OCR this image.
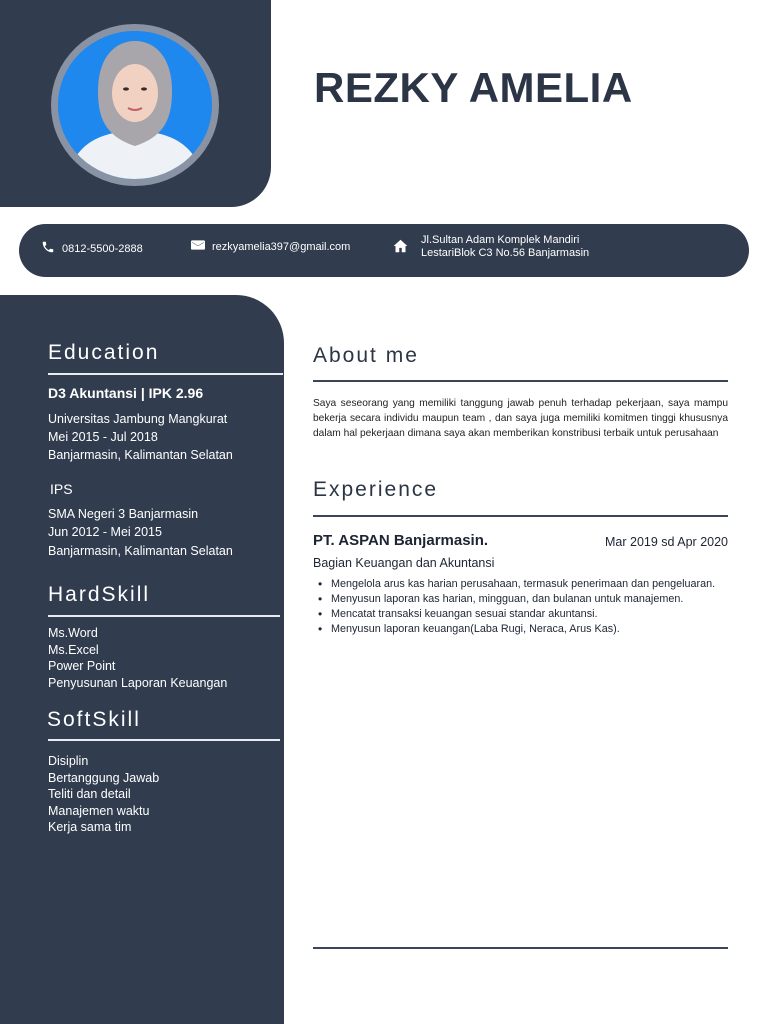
REZKY AMELIA
0812-5500-2888	rezkyamelia397@gmail.com
Jl.Sultan Adam Komplek Mandiri
LestariBlok C3 No.56 Banjarmasin
Education
D3 Akuntansi | IPK 2.96
Universitas Jambung Mangkurat
Mei 2015 - Jul 2018
Banjarmasin, Kalimantan Selatan
IPS
SMA Negeri 3 Banjarmasin
Jun 2012 - Mei 2015
Banjarmasin, Kalimantan Selatan
HardSkill
Ms.Word
Ms.Excel
Power Point
Penyusunan Laporan Keuangan
SoftSkill
Disiplin
Bertanggung Jawab
Teliti dan detail
Manajemen waktu
Kerja sama tim
About me

Saya seseorang yang memiliki tanggung jawab penuh terhadap pekerjaan, saya mampu bekerja secara individu maupun team , dan saya juga memiliki komitmen tinggi khususnya dalam hal pekerjaan dimana saya akan memberikan konstribusi terbaik untuk perusahaan

Experience
PT. ASPAN Banjarmasin.	Mar 2019 sd Apr 2020
Bagian Keuangan dan Akuntansi
• Mengelola arus kas harian perusahaan, termasuk penerimaan dan pengeluaran.
• Menyusun laporan kas harian, mingguan, dan bulanan untuk manajemen.
• Mencatat transaksi keuangan sesuai standar akuntansi.
• Menyusun laporan keuangan(Laba Rugi, Neraca, Arus Kas).
